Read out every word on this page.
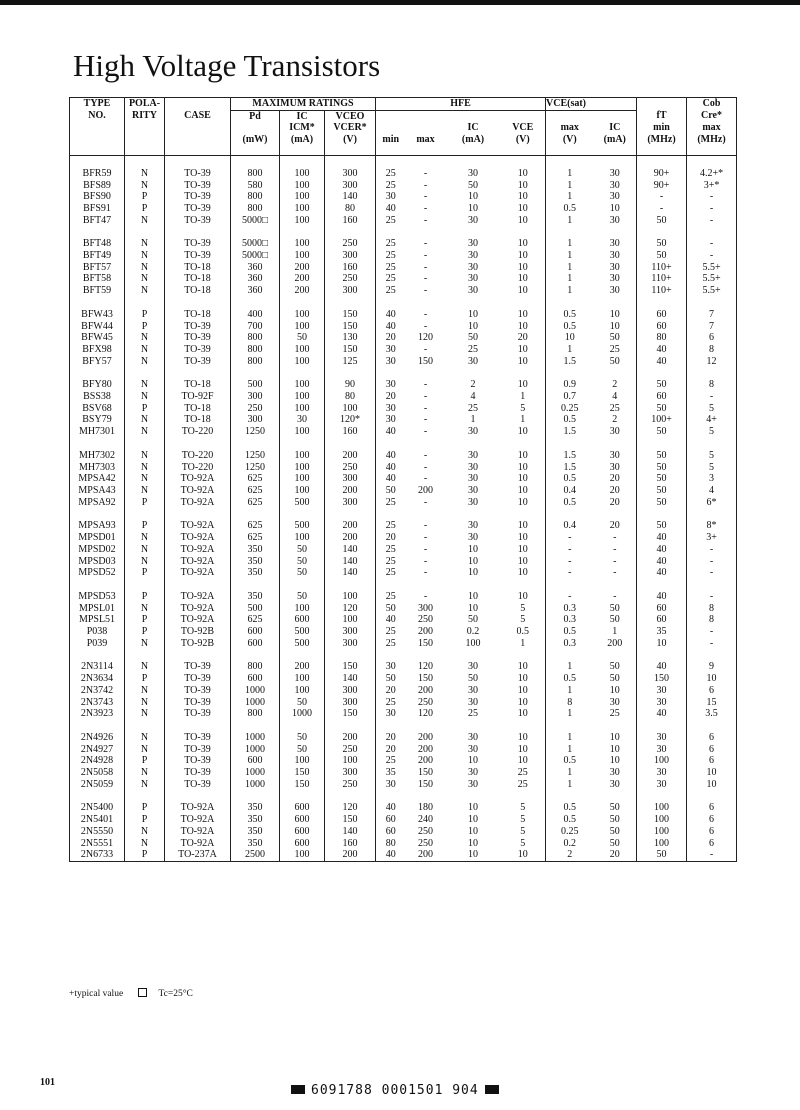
High Voltage Transistors
TYPE	POLA-		MAXIMUM RATINGS			HFE				VCE(sat)			Cob
NO.	RITY	CASE	Pd	IC	VCEO							fT	Cre*
				ICM*	VCER*			IC	VCE	max	IC	min	max
			(mW)	(mA)	(V)	min	max	(mA)	(V)	(V)	(mA)	(MHz)	(MHz)

BFR59	N	TO-39	800	100	300	25	-	30	10	1	30	90+	4.2+*
BFS89	N	TO-39	580	100	300	25	-	50	10	1	30	90+	3+*
BFS90	P	TO-39	800	100	140	30	-	10	10	1	30	-	-
BFS91	P	TO-39	800	100	80	40	-	10	10	0.5	10	-	-
BFT47	N	TO-39	5000□	100	160	25	-	30	10	1	30	50	-

BFT48	N	TO-39	5000□	100	250	25	-	30	10	1	30	50	-
BFT49	N	TO-39	5000□	100	300	25	-	30	10	1	30	50	-
BFT57	N	TO-18	360	200	160	25	-	30	10	1	30	110+	5.5+
BFT58	N	TO-18	360	200	250	25	-	30	10	1	30	110+	5.5+
BFT59	N	TO-18	360	200	300	25	-	30	10	1	30	110+	5.5+

BFW43	P	TO-18	400	100	150	40	-	10	10	0.5	10	60	7
BFW44	P	TO-39	700	100	150	40	-	10	10	0.5	10	60	7
BFW45	N	TO-39	800	50	130	20	120	50	20	10	50	80	6
BFX98	N	TO-39	800	100	150	30	-	25	10	1	25	40	8
BFY57	N	TO-39	800	100	125	30	150	30	10	1.5	50	40	12

BFY80	N	TO-18	500	100	90	30	-	2	10	0.9	2	50	8
BSS38	N	TO-92F	300	100	80	20	-	4	1	0.7	4	60	-
BSV68	P	TO-18	250	100	100	30	-	25	5	0.25	25	50	5
BSY79	N	TO-18	300	30	120*	30	-	1	1	0.5	2	100+	4+
MH7301	N	TO-220	1250	100	160	40	-	30	10	1.5	30	50	5

MH7302	N	TO-220	1250	100	200	40	-	30	10	1.5	30	50	5
MH7303	N	TO-220	1250	100	250	40	-	30	10	1.5	30	50	5
MPSA42	N	TO-92A	625	100	300	40	-	30	10	0.5	20	50	3
MPSA43	N	TO-92A	625	100	200	50	200	30	10	0.4	20	50	4
MPSA92	P	TO-92A	625	500	300	25	-	30	10	0.5	20	50	6*

MPSA93	P	TO-92A	625	500	200	25	-	30	10	0.4	20	50	8*
MPSD01	N	TO-92A	625	100	200	20	-	30	10	-	-	40	3+
MPSD02	N	TO-92A	350	50	140	25	-	10	10	-	-	40	-
MPSD03	N	TO-92A	350	50	140	25	-	10	10	-	-	40	-
MPSD52	P	TO-92A	350	50	140	25	-	10	10	-	-	40	-

MPSD53	P	TO-92A	350	50	100	25	-	10	10	-	-	40	-
MPSL01	N	TO-92A	500	100	120	50	300	10	5	0.3	50	60	8
MPSL51	P	TO-92A	625	600	100	40	250	50	5	0.3	50	60	8
P038	P	TO-92B	600	500	300	25	200	0.2	0.5	0.5	1	35	-
P039	N	TO-92B	600	500	300	25	150	100	1	0.3	200	10	-

2N3114	N	TO-39	800	200	150	30	120	30	10	1	50	40	9
2N3634	P	TO-39	600	100	140	50	150	50	10	0.5	50	150	10
2N3742	N	TO-39	1000	100	300	20	200	30	10	1	10	30	6
2N3743	N	TO-39	1000	50	300	25	250	30	10	8	30	30	15
2N3923	N	TO-39	800	1000	150	30	120	25	10	1	25	40	3.5

2N4926	N	TO-39	1000	50	200	20	200	30	10	1	10	30	6
2N4927	N	TO-39	1000	50	250	20	200	30	10	1	10	30	6
2N4928	P	TO-39	600	100	100	25	200	10	10	0.5	10	100	6
2N5058	N	TO-39	1000	150	300	35	150	30	25	1	30	30	10
2N5059	N	TO-39	1000	150	250	30	150	30	25	1	30	30	10

2N5400	P	TO-92A	350	600	120	40	180	10	5	0.5	50	100	6
2N5401	P	TO-92A	350	600	150	60	240	10	5	0.5	50	100	6
2N5550	N	TO-92A	350	600	140	60	250	10	5	0.25	50	100	6
2N5551	N	TO-92A	350	600	160	80	250	10	5	0.2	50	100	6
2N6733	P	TO-237A	2500	100	200	40	200	10	10	2	20	50	-
+typical value	Tc=25°C
101
6091788 0001501 904
